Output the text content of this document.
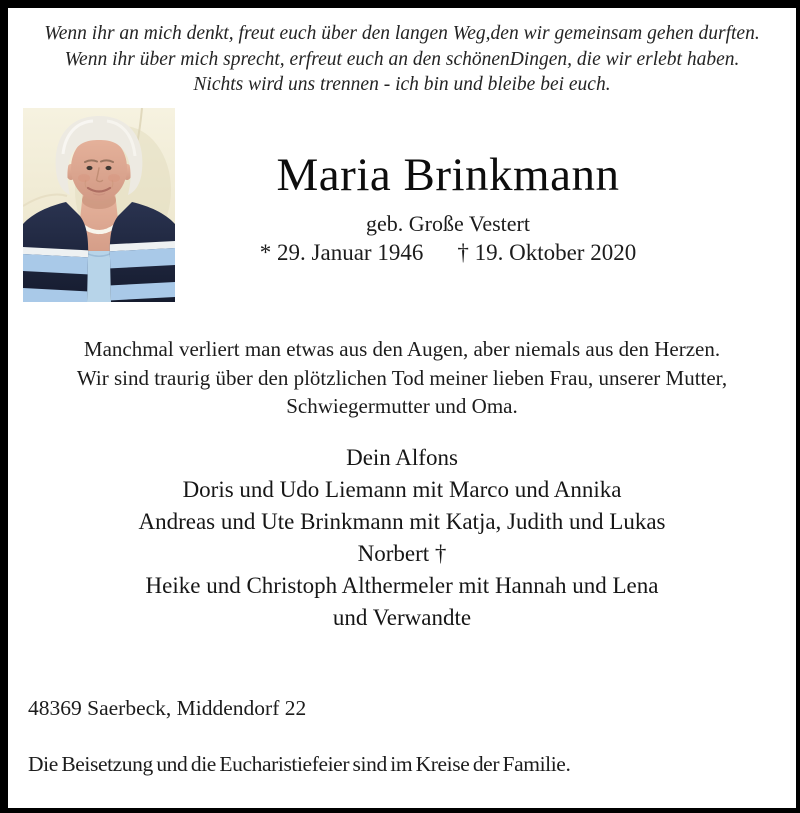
Wenn ihr an mich denkt, freut euch über den langen Weg,den wir gemeinsam gehen durften.
Wenn ihr über mich sprecht, erfreut euch an den schönenDingen, die wir erlebt haben.
Nichts wird uns trennen - ich bin und bleibe bei euch.
Maria Brinkmann
geb. Große Vestert
* 29. Januar 1946 † 19. Oktober 2020
Manchmal verliert man etwas aus den Augen, aber niemals aus den Herzen.
Wir sind traurig über den plötzlichen Tod meiner lieben Frau, unserer Mutter,
Schwiegermutter und Oma.
Dein Alfons
Doris und Udo Liemann mit Marco und Annika
Andreas und Ute Brinkmann mit Katja, Judith und Lukas
Norbert †
Heike und Christoph Althermeler mit Hannah und Lena
und Verwandte
48369 Saerbeck, Middendorf 22
Die Beisetzung und die Eucharistiefeier sind im Kreise der Familie.
